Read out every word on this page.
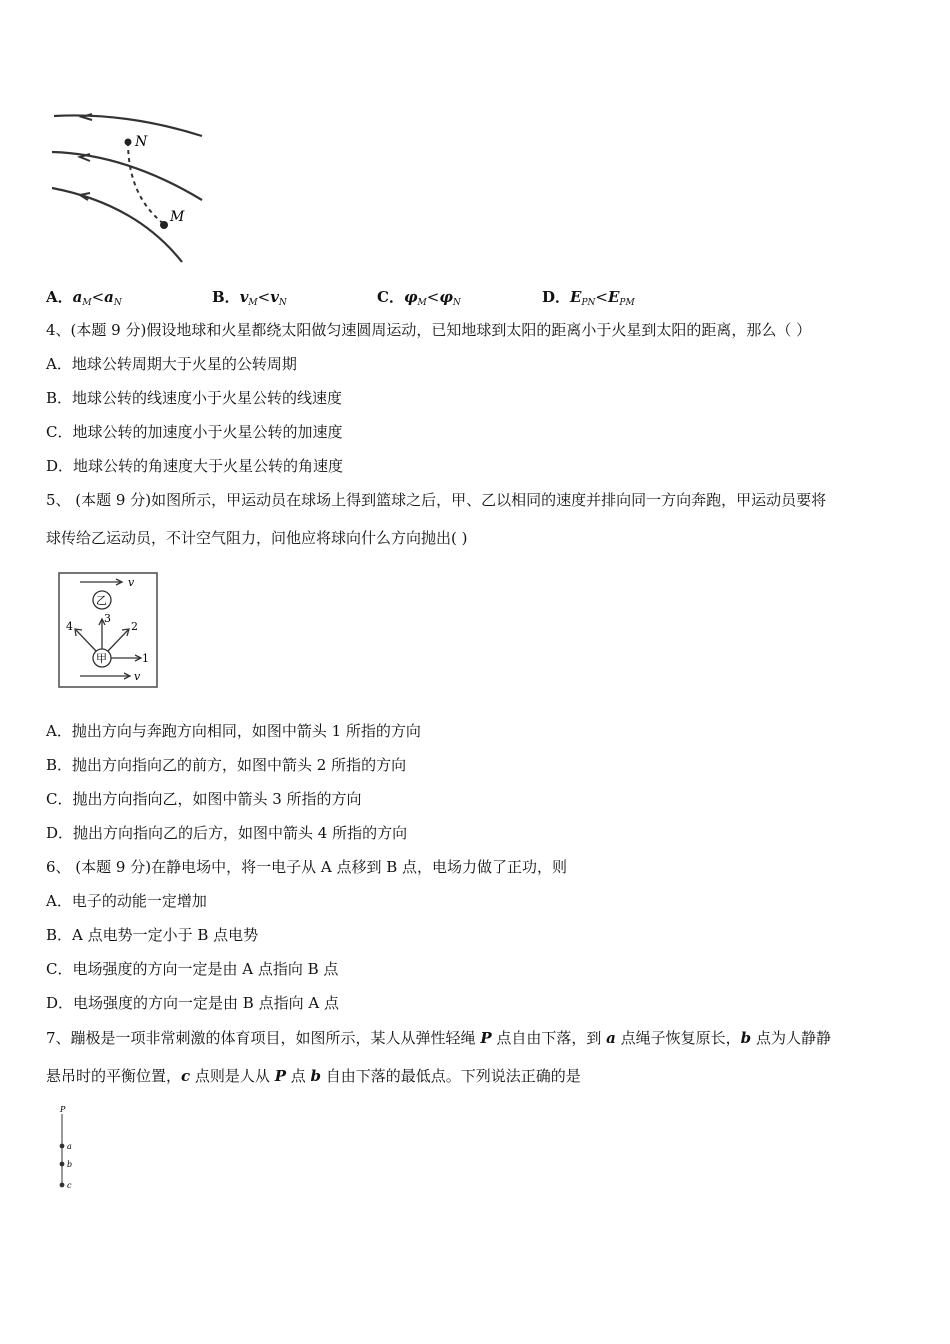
N
M
A．$a_M<a_N$	B．$v_M<v_N$	C．$\varphi_M<\varphi_N$	D．$E_{PN}<E_{PM}$
4、(本题 9 分)假设地球和火星都绕太阳做匀速圆周运动，已知地球到太阳的距离小于火星到太阳的距离，那么（ ）
A．地球公转周期大于火星的公转周期
B．地球公转的线速度小于火星公转的线速度
C．地球公转的加速度小于火星公转的加速度
D．地球公转的角速度大于火星公转的角速度
5、 (本题 9 分)如图所示，甲运动员在球场上得到篮球之后，甲、乙以相同的速度并排向同一方向奔跑，甲运动员要将
球传给乙运动员，不计空气阻力，问他应将球向什么方向抛出( )
v
乙
甲	1
2
3
4
v
A．抛出方向与奔跑方向相同，如图中箭头 1 所指的方向
B．抛出方向指向乙的前方，如图中箭头 2 所指的方向
C．抛出方向指向乙，如图中箭头 3 所指的方向
D．抛出方向指向乙的后方，如图中箭头 4 所指的方向
6、 (本题 9 分)在静电场中，将一电子从 A 点移到 B 点，电场力做了正功，则
A．电子的动能一定增加
B．A 点电势一定小于 B 点电势
C．电场强度的方向一定是由 A 点指向 B 点
D．电场强度的方向一定是由 B 点指向 A 点
7、蹦极是一项非常刺激的体育项目，如图所示，某人从弹性轻绳 P 点自由下落，到 a 点绳子恢复原长，b 点为人静静
悬吊时的平衡位置，c 点则是人从 P 点 b 自由下落的最低点。下列说法正确的是
P
a
b
c
